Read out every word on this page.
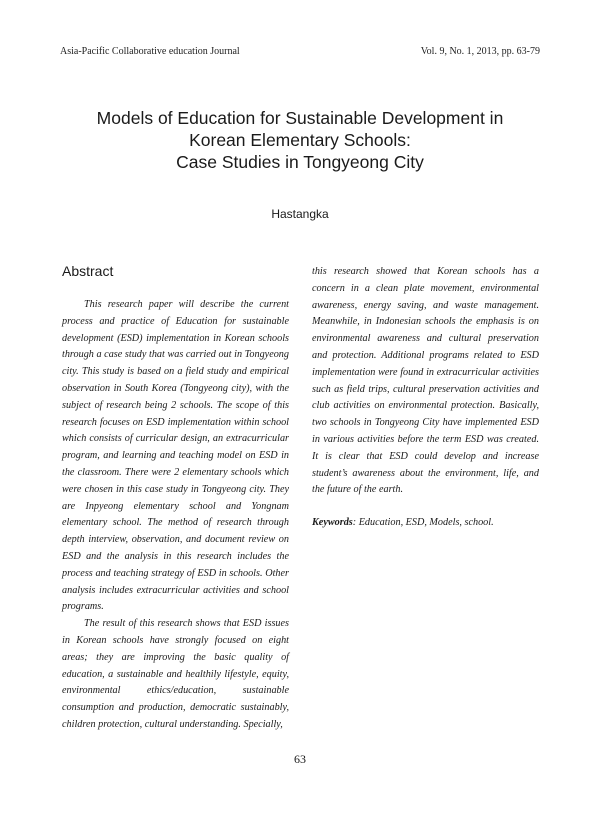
Asia-Pacific Collaborative education Journal	Vol. 9, No. 1, 2013, pp. 63-79
Models of Education for Sustainable Development in
Korean Elementary Schools:
Case Studies in Tongyeong City
Hastangka
Abstract

This research paper will describe the current process and practice of Education for sustainable development (ESD) implementation in Korean schools through a case study that was carried out in Tongyeong city. This study is based on a field study and empirical observation in South Korea (Tongyeong city), with the subject of research being 2 schools. The scope of this research focuses on ESD implementation within school which consists of curricular design, an extracurricular program, and learning and teaching model on ESD in the classroom. There were 2 elementary schools which were chosen in this case study in Tongyeong city. They are Inpyeong elementary school and Yongnam elementary school. The method of research through depth interview, observation, and document review on ESD and the analysis in this research includes the process and teaching strategy of ESD in schools. Other analysis includes extracurricular activities and school programs.

The result of this research shows that ESD issues in Korean schools have strongly focused on eight areas; they are improving the basic quality of education, a sustainable and healthily lifestyle, equity, environmental ethics/education, sustainable consumption and production, democratic sustainably, children protection, cultural understanding. Specially,

this research showed that Korean schools has a concern in a clean plate movement, environmental awareness, energy saving, and waste management. Meanwhile, in Indonesian schools the emphasis is on environmental awareness and cultural preservation and protection. Additional programs related to ESD implementation were found in extracurricular activities such as field trips, cultural preservation activities and club activities on environmental protection. Basically, two schools in Tongyeong City have implemented ESD in various activities before the term ESD was created. It is clear that ESD could develop and increase student’s awareness about the environment, life, and the future of the earth.

Keywords: Education, ESD, Models, school.

63
